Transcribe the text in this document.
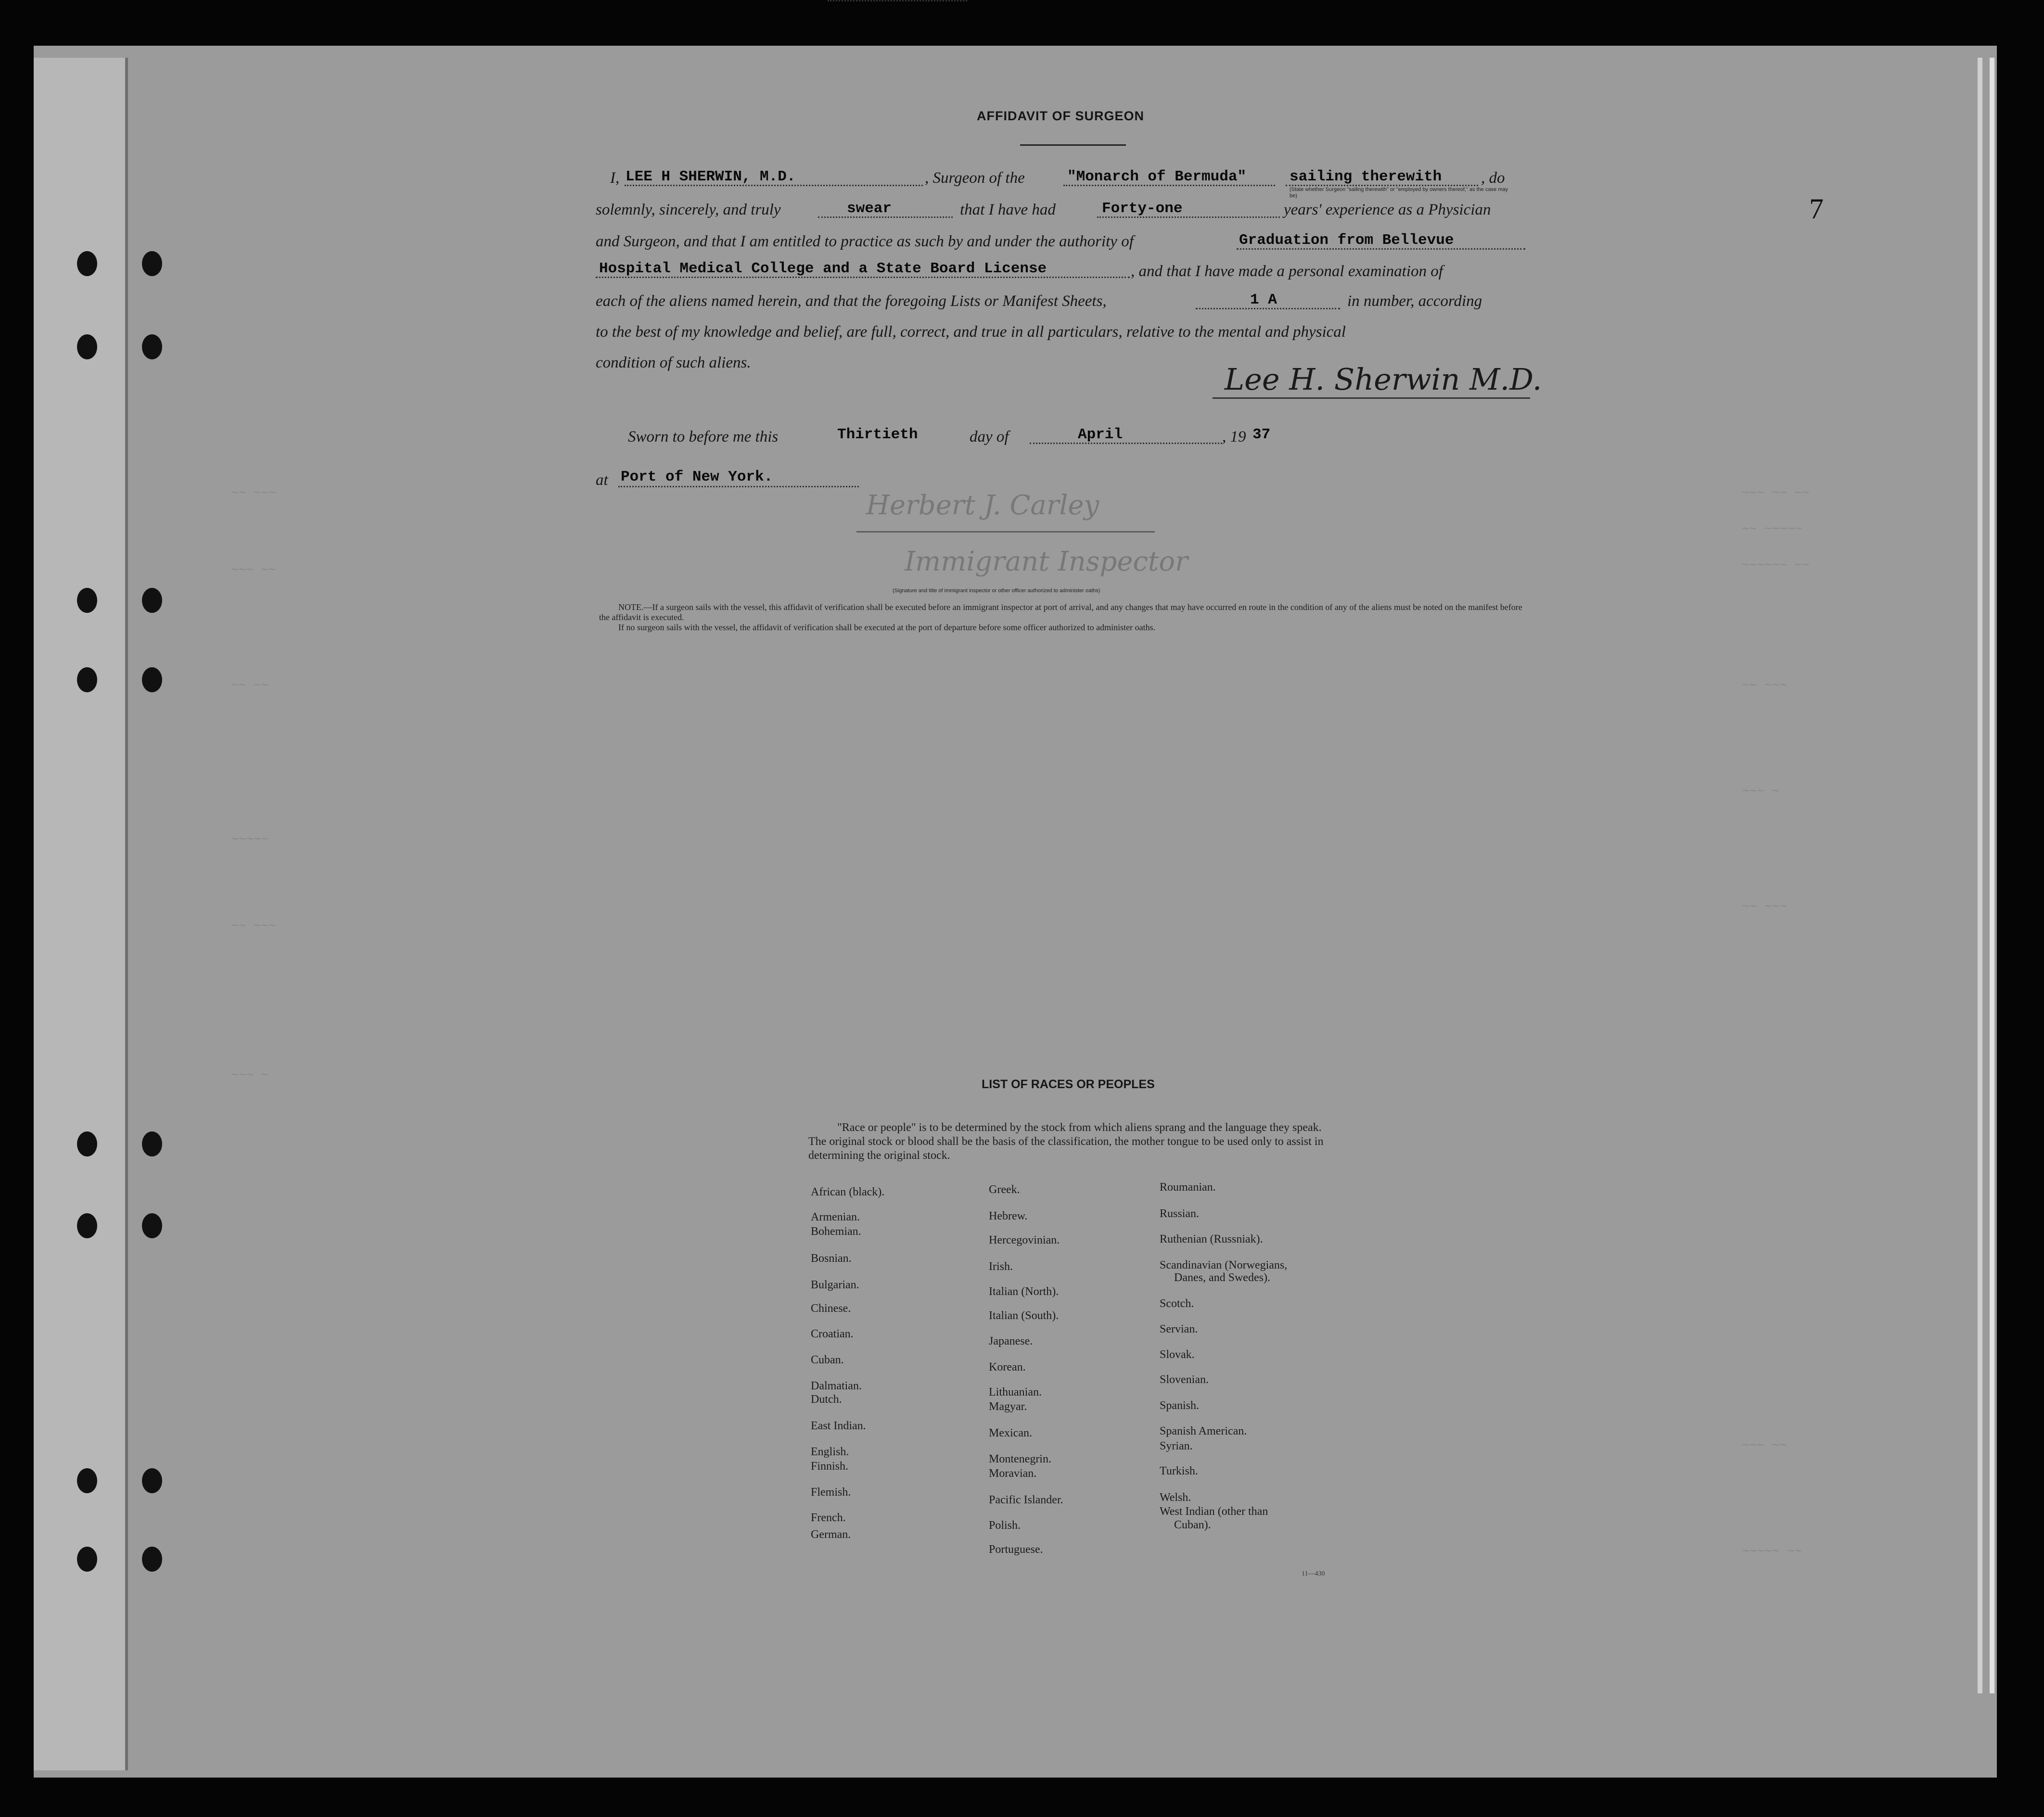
~~ ~~~
~~~ ~~
~~ ~~
~~~~~
~~ ~~~
~~~ ~
~~~ ~~ ~~
~~ ~~~~~
~~~~~~ ~~
~~ ~~~
~~~ ~
~~ ~~~
~~~ ~~
~~~~~ ~~
7
AFFIDAVIT OF SURGEON
I, LEE H SHERWIN, M.D.	, Surgeon of the	"Monarch of Bermuda"	sailing therewith , do
(State whether Surgeon "sailing therewith" or "employed by owners thereof," as the case may be)
solemnly, sincerely, and truly	swear	that I have had	Forty-one	years' experience as a Physician
and Surgeon, and that I am entitled to practice as such by and under the authority of	Graduation from Bellevue
Hospital Medical College and a State Board License	, and that I have made a personal examination of
each of the aliens named herein, and that the foregoing Lists or Manifest Sheets,	1 A	in number, according
to the best of my knowledge and belief, are full, correct, and true in all particulars, relative to the mental and physical
condition of such aliens.	Lee H. Sherwin M.D.
Sworn to before me this	Thirtieth	day of	April	, 19 37
at Port of New York.
Herbert J. Carley
Immigrant Inspector
(Signature and title of immigrant inspector or other officer authorized to administer oaths)
NOTE.—If a surgeon sails with the vessel, this affidavit of verification shall be executed before an immigrant inspector at port of arrival, and any changes that may have occurred en route in the condition of any of the aliens must be noted on the manifest before the affidavit is executed.
If no surgeon sails with the vessel, the affidavit of verification shall be executed at the port of departure before some officer authorized to administer oaths.
LIST OF RACES OR PEOPLES
"Race or people" is to be determined by the stock from which aliens sprang and the language they speak. The original stock or blood shall be the basis of the classification, the mother tongue to be used only to assist in determining the original stock.
African (black).
Armenian.
Bohemian.
Bosnian.
Bulgarian.
Chinese.
Croatian.
Cuban.
Dalmatian.
Dutch.
East Indian.
English.
Finnish.
Flemish.
French.
German.
Greek.
Hebrew.
Hercegovinian.
Irish.
Italian (North).
Italian (South).
Japanese.
Korean.
Lithuanian.
Magyar.
Mexican.
Montenegrin.
Moravian.
Pacific Islander.
Polish.
Portuguese.
Roumanian.
Russian.
Ruthenian (Russniak).
Scandinavian (Norwegians,
Danes, and Swedes).
Scotch.
Servian.
Slovak.
Slovenian.
Spanish.
Spanish American.
Syrian.
Turkish.
Welsh.
West Indian (other than
Cuban).
11—430
